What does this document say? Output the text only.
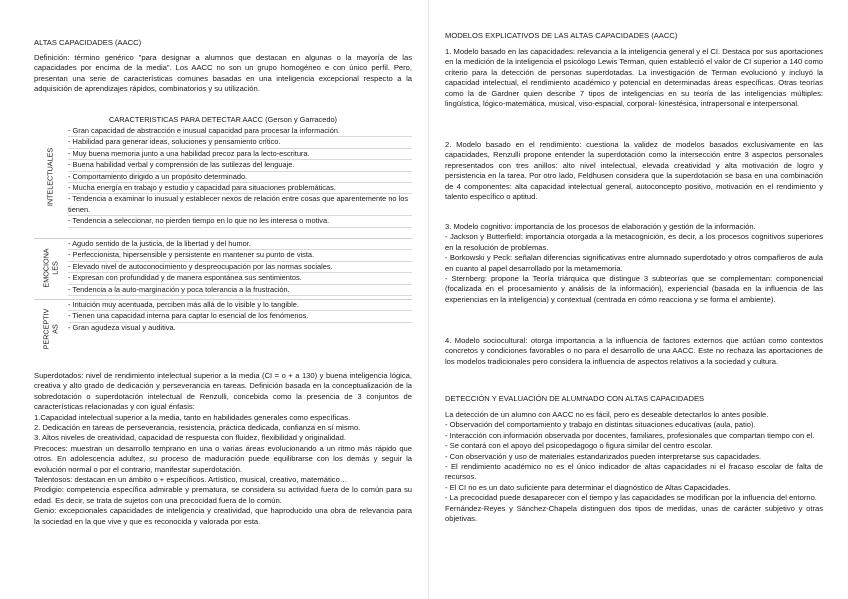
ALTAS CAPACIDADES (AACC)

Definición: término genérico "para designar a alumnos que destacan en algunas o la mayoría de las capacidades por encima de la media". Los AACC no son un grupo homogéneo e con único perfil. Pero, presentan una serie de características comunes basadas en una inteligencia excepcional respecto a la adquisición de aprendizajes rápidos, combinatorios y su utilización.

CARACTERISTICAS PARA DETECTAR AACC (Gerson y Garracedo)
INTELECTUALES
- Gran capacidad de abstracción e inusual capacidad para procesar la información.
- Habilidad para generar ideas, soluciones y pensamiento crítico.
- Muy buena memoria junto a una habilidad precoz para la lecto-escritura.
- Buena habilidad verbal y comprensión de las sutilezas del lenguaje.
- Comportamiento dirigido a un propósito determinado.
- Mucha energía en trabajo y estudio y capacidad para situaciones problemáticas.
- Tendencia a examinar lo inusual y establecer nexos de relación entre cosas que aparentemente no los tienen.
- Tendencia a seleccionar, no pierden tiempo en lo que no les interesa o motiva.
EMOCIONA LES
- Agudo sentido de la justicia, de la libertad y del humor.
- Perfeccionista, hipersensible y persistente en mantener su punto de vista.
- Elevado nivel de autoconocimiento y despreocupación por las normas sociales.
- Expresan con profundidad y de manera espontánea sus sentimientos.
- Tendencia a la auto-marginación y poca tolerancia a la frustración.
PERCEPTIV AS
- Intuición muy acentuada, perciben más allá de lo visible y lo tangible.
- Tienen una capacidad interna para captar lo esencial de los fenómenos.
- Gran agudeza visual y auditiva.

Superdotados: nivel de rendimiento intelectual superior a la media (CI = o + a 130) y buena inteligencia lógica, creativa y alto grado de dedicación y perseverancia en tareas. Definición basada en la conceptualización de la sobredotación o superdotación intelectual de Renzulli, concebida como la presencia de 3 conjuntos de características relacionadas y con igual énfasis:

1.Capacidad intelectual superior a la media, tanto en habilidades generales como específicas.

2. Dedicación en tareas de perseverancia, resistencia, práctica dedicada, confianza en sí mismo.

3. Altos niveles de creatividad, capacidad de respuesta con fluidez, flexibilidad y originalidad.

Precoces: muestran un desarrollo temprano en una o varias áreas evolucionando a un ritmo más rápido que otros. En adolescencia adultez, su proceso de maduración puede equilibrarse con los demás y seguir la evolución normal o por el contrario, manifestar superdotación.

Talentosos: destacan en un ámbito o + específicos. Artístico, musical, creativo, matemático…

Prodigio: competencia específica admirable y prematura, se considera su actividad fuera de lo común para su edad. Es decir, se trata de sujetos con una precocidad fuera de lo común.

Genio: excepcionales capacidades de inteligencia y creatividad, que haproducido una obra de relevancia para la sociedad en la que vive y que es reconocida y valorada por esta.

MODELOS EXPLICATIVOS DE LAS ALTAS CAPACIDADES (AACC)

1. Modelo basado en las capacidades: relevancia a la inteligencia general y el CI. Destaca por sus aportaciones en la medición de la inteligencia el psicólogo Lewis Terman, quien estableció el valor de CI superior a 140 como criterio para la detección de personas superdotadas. La investigación de Terman evolucionó y incluyó la capacidad intelectual, el rendimiento académico y potencial en determinadas áreas específicas. Otras teorías como la de Gardner quien describe 7 tipos de inteligencias en su teoría de las inteligencias múltiples: lingüística, lógico-matemática, musical, viso-espacial, corporal- kinestésica, intrapersonal e interpersonal.

2. Modelo basado en el rendimiento: cuestiona la validez de modelos basados exclusivamente en las capacidades, Renzulli propone entender la superdotación como la intersección entre 3 aspectos personales representados con tres anillos: alto nivel intelectual, elevada creatividad y alta motivación de logro y persistencia en la tarea. Por otro lado, Feldhusen considera que la superdotación se basa en una combinación de 4 componentes: alta capacidad intelectual general, autoconcepto positivo, motivación en el rendimiento y talento específico o aptitud.

3. Modelo cognitivo: importancia de los procesos de elaboración y gestión de la información.
- Jackson y Butterfield: importancia otorgada a la metacognición, es decir, a los procesos cognitivos superiores en la resolución de problemas.
- Borkowski y Peck: señalan diferencias significativas entre alumnado superdotado y otros compañeros de aula en cuanto al papel desarrollado por la metamemoria.
- Sternberg: propone la Teoría triárquica que distingue 3 subteorías que se complementan: componencial (focalizada en el procesamiento y análisis de la información), experiencial (basada en la influencia de las experiencias en la inteligencia) y contextual (centrada en cómo reacciona y se forma el ambiente).

4. Modelo sociocultural: otorga importancia a la influencia de factores externos que actúan como contextos concretos y condiciones favorables o no para el desarrollo de una AACC. Este no rechaza las aportaciones de los modelos tradicionales pero considera la influencia de aspectos relativos a la sociedad y cultura.

DETECCIÓN Y EVALUACIÓN DE ALUMNADO CON ALTAS CAPACIDADES

La detección de un alumno con AACC no es fácil, pero es deseable detectarlos lo antes posible.
- Observación del comportamiento y trabajo en distintas situaciones educativas (aula, patio).
- Interacción con información observada por docentes, familiares, profesionales que compartan tiempo con el.
- Se contará con el apoyo del psicopedagogo o figura similar del centro escolar.
- Con observación y uso de materiales estandarizados pueden interpretarse sus capacidades.
- El rendimiento académico no es el único indicador de altas capacidades ni el fracaso escolar de falta de recursos.
- El CI no es un dato suficiente para determinar el diagnóstico de Altas Capacidades.
- La precocidad puede desaparecer con el tiempo y las capacidades se modifican por la influencia del entorno.
Fernández-Reyes y Sánchez-Chapela distinguen dos tipos de medidas, unas de carácter subjetivo y otras objetivas.
